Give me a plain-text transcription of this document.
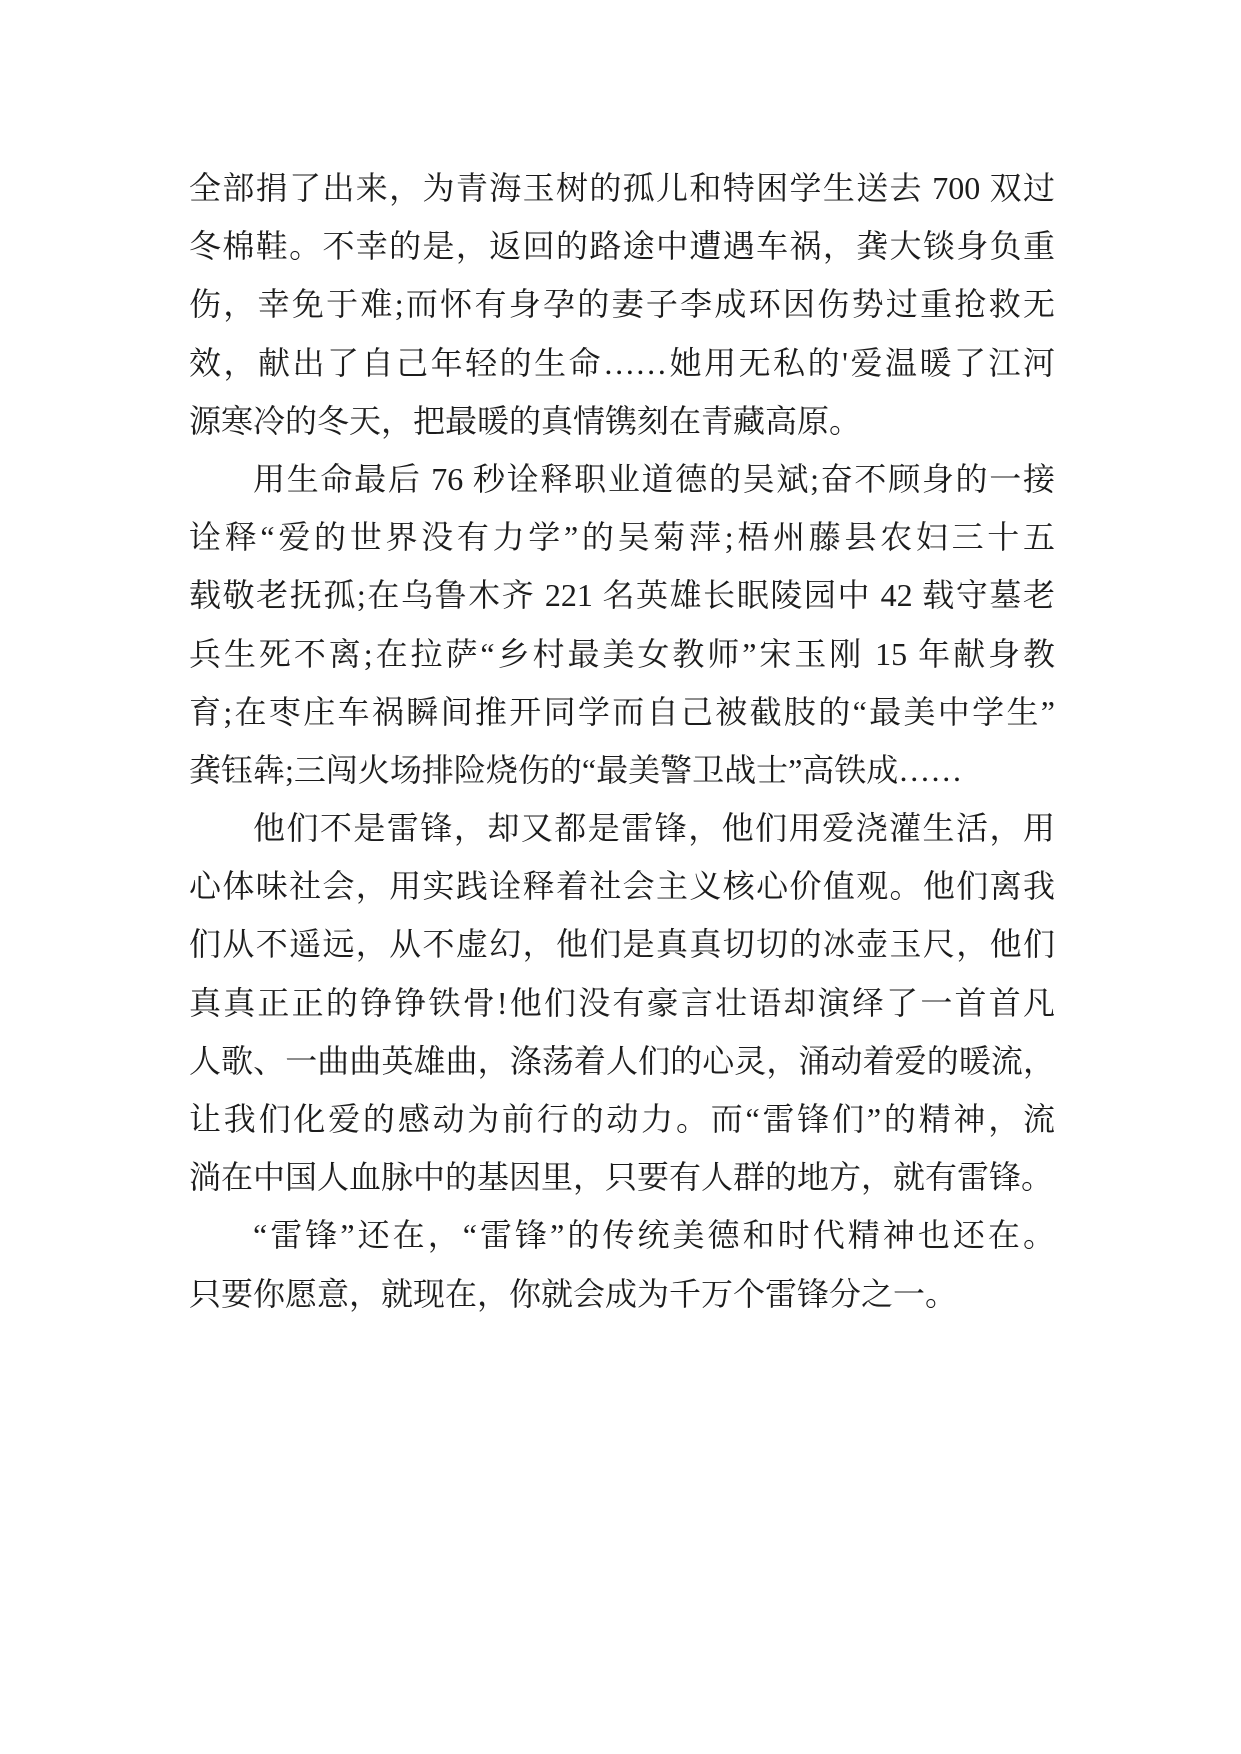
全部捐了出来，为青海玉树的孤儿和特困学生送去 700 双过
冬棉鞋。不幸的是，返回的路途中遭遇车祸，龚大锬身负重
伤，幸免于难;而怀有身孕的妻子李成环因伤势过重抢救无
效，献出了自己年轻的生命……她用无私的'爱温暖了江河
源寒冷的冬天，把最暖的真情镌刻在青藏高原。
用生命最后 76 秒诠释职业道德的吴斌;奋不顾身的一接
诠释“爱的世界没有力学”的吴菊萍;梧州藤县农妇三十五
载敬老抚孤;在乌鲁木齐 221 名英雄长眠陵园中 42 载守墓老
兵生死不离;在拉萨“乡村最美女教师”宋玉刚 15 年献身教
育;在枣庄车祸瞬间推开同学而自己被截肢的“最美中学生”
龚钰犇;三闯火场排险烧伤的“最美警卫战士”高铁成……
他们不是雷锋，却又都是雷锋，他们用爱浇灌生活，用
心体味社会，用实践诠释着社会主义核心价值观。他们离我
们从不遥远，从不虚幻，他们是真真切切的冰壶玉尺，他们
真真正正的铮铮铁骨!他们没有豪言壮语却演绎了一首首凡
人歌、一曲曲英雄曲，涤荡着人们的心灵，涌动着爱的暖流，
让我们化爱的感动为前行的动力。而“雷锋们”的精神，流
淌在中国人血脉中的基因里，只要有人群的地方，就有雷锋。
“雷锋”还在，“雷锋”的传统美德和时代精神也还在。
只要你愿意，就现在，你就会成为千万个雷锋分之一。
